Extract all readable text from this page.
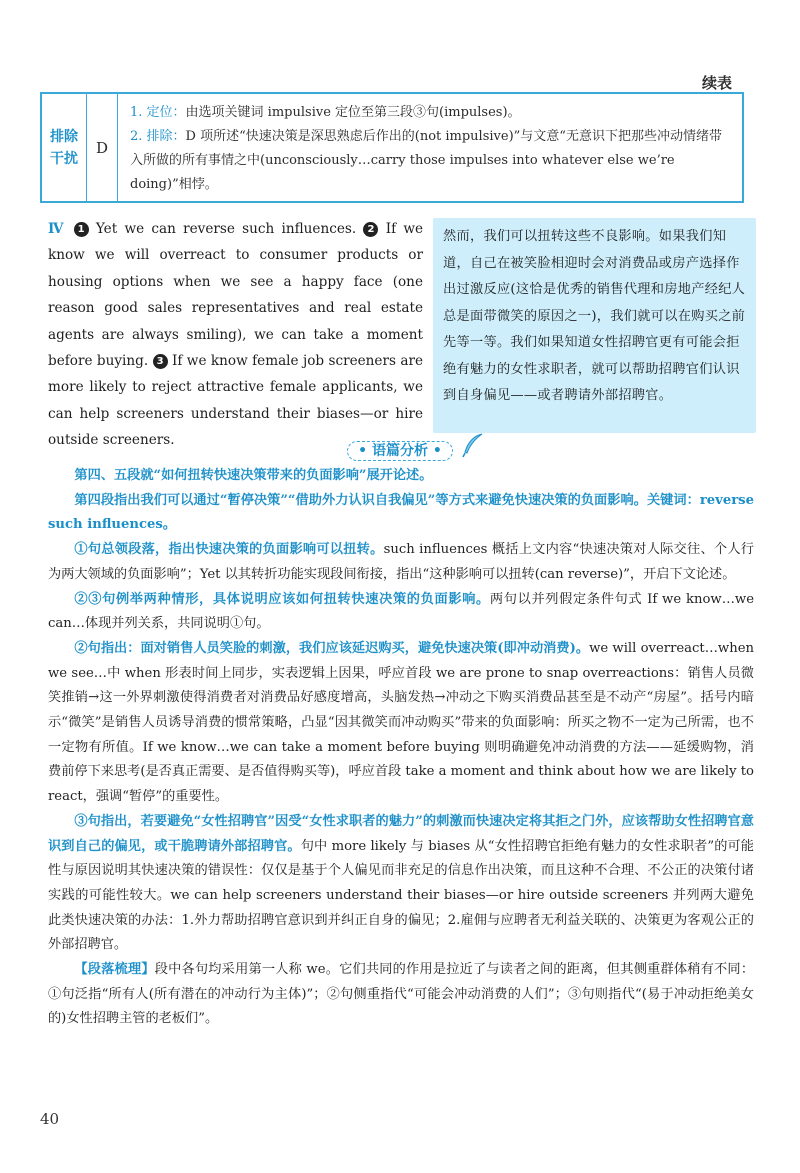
续表
排除
干扰
D
1. 定位：由选项关键词 impulsive 定位至第三段③句(impulses)。
2. 排除：D 项所述“快速决策是深思熟虑后作出的(not impulsive)”与文意“无意识下把那些冲动情绪带入所做的所有事情之中(unconsciously…carry those impulses into whatever else we’re doing)”相悖。
Ⅳ 1 Yet we can reverse such influences. 2 If we know we will overreact to consumer products or housing options when we see a happy face (one reason good sales representatives and real estate agents are always smiling), we can take a moment before buying. 3 If we know female job screeners are more likely to reject attractive female applicants, we can help screeners understand their biases—or hire outside screeners.
然而，我们可以扭转这些不良影响。如果我们知道，自己在被笑脸相迎时会对消费品或房产选择作出过激反应(这恰是优秀的销售代理和房地产经纪人总是面带微笑的原因之一)，我们就可以在购买之前先等一等。我们如果知道女性招聘官更有可能会拒绝有魅力的女性求职者，就可以帮助招聘官们认识到自身偏见——或者聘请外部招聘官。
• 语篇分析 •

第四、五段就“如何扭转快速决策带来的负面影响”展开论述。

第四段指出我们可以通过“暂停决策”“借助外力认识自我偏见”等方式来避免快速决策的负面影响。关键词：reverse such influences。

①句总领段落，指出快速决策的负面影响可以扭转。such influences 概括上文内容“快速决策对人际交往、个人行为两大领域的负面影响”；Yet 以其转折功能实现段间衔接，指出“这种影响可以扭转(can reverse)”，开启下文论述。

②③句例举两种情形，具体说明应该如何扭转快速决策的负面影响。两句以并列假定条件句式 If we know…we can…体现并列关系，共同说明①句。

②句指出：面对销售人员笑脸的刺激，我们应该延迟购买，避免快速决策(即冲动消费)。we will overreact…when we see…中 when 形表时间上同步，实表逻辑上因果，呼应首段 we are prone to snap overreactions：销售人员微笑推销→这一外界刺激使得消费者对消费品好感度增高，头脑发热→冲动之下购买消费品甚至是不动产“房屋”。括号内暗示“微笑”是销售人员诱导消费的惯常策略，凸显“因其微笑而冲动购买”带来的负面影响：所买之物不一定为己所需，也不一定物有所值。If we know…we can take a moment before buying 则明确避免冲动消费的方法——延缓购物，消费前停下来思考(是否真正需要、是否值得购买等)，呼应首段 take a moment and think about how we are likely to react，强调“暂停”的重要性。

③句指出，若要避免“女性招聘官”因受“女性求职者的魅力”的刺激而快速决定将其拒之门外，应该帮助女性招聘官意识到自己的偏见，或干脆聘请外部招聘官。句中 more likely 与 biases 从“女性招聘官拒绝有魅力的女性求职者”的可能性与原因说明其快速决策的错误性：仅仅是基于个人偏见而非充足的信息作出决策，而且这种不合理、不公正的决策付诸实践的可能性较大。we can help screeners understand their biases—or hire outside screeners 并列两大避免此类快速决策的办法：1.外力帮助招聘官意识到并纠正自身的偏见；2.雇佣与应聘者无利益关联的、决策更为客观公正的外部招聘官。

【段落梳理】段中各句均采用第一人称 we。它们共同的作用是拉近了与读者之间的距离，但其侧重群体稍有不同：①句泛指“所有人(所有潜在的冲动行为主体)”；②句侧重指代“可能会冲动消费的人们”；③句则指代“(易于冲动拒绝美女的)女性招聘主管的老板们”。

40
